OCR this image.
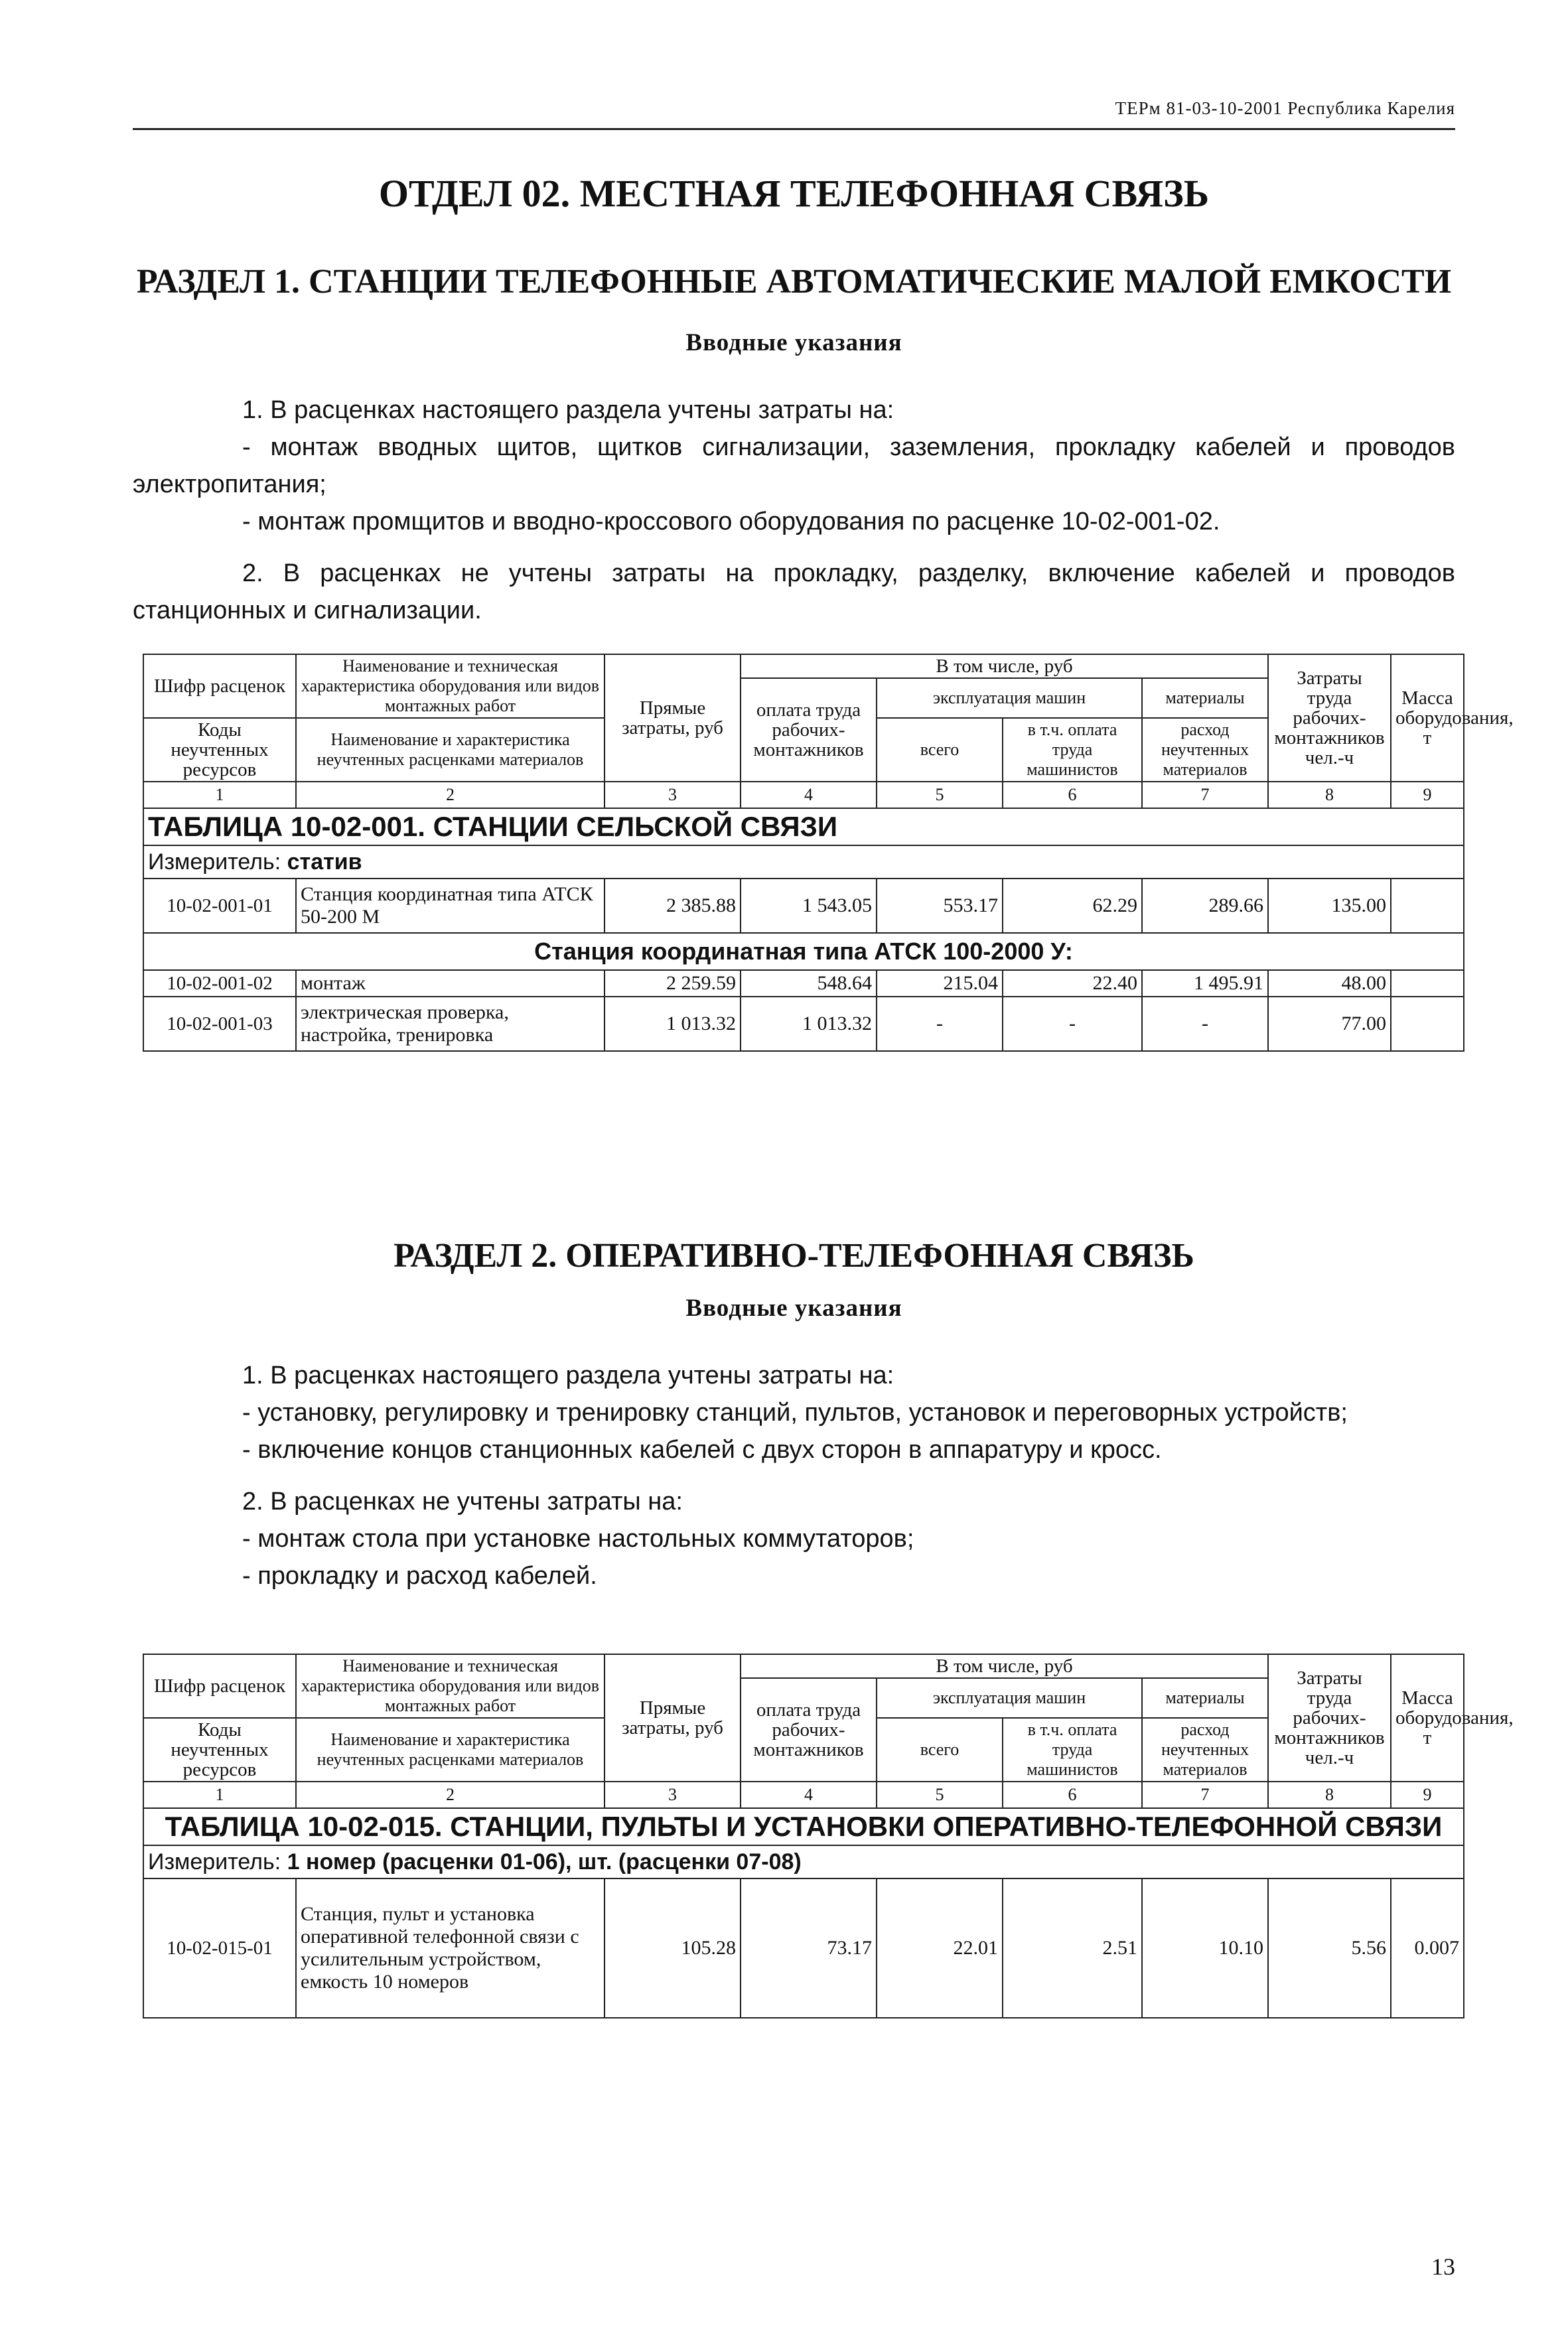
ТЕРм 81-03-10-2001 Республика Карелия
ОТДЕЛ 02. МЕСТНАЯ ТЕЛЕФОННАЯ СВЯЗЬ
РАЗДЕЛ 1. СТАНЦИИ ТЕЛЕФОННЫЕ АВТОМАТИЧЕСКИЕ МАЛОЙ ЕМКОСТИ
Вводные указания

1. В расценках настоящего раздела учтены затраты на:

- монтаж вводных щитов, щитков сигнализации, заземления, прокладку кабелей и проводов электропитания;

- монтаж промщитов и вводно-кроссового оборудования по расценке 10-02-001-02.

2. В расценках не учтены затраты на прокладку, разделку, включение кабелей и проводов станционных и сигнализации.

Шифр расценок	Наименование и техническая характеристика оборудования или видов монтажных работ	Прямые затраты, руб	В том числе, руб				Затраты труда рабочих-монтажников чел.-ч	Масса оборудования, т
			оплата труда рабочих-монтажников	эксплуатация машин		материалы		
Коды неучтенных ресурсов	Наименование и характеристика неучтенных расценками материалов			всего	в т.ч. оплата труда машинистов	расход неучтенных материалов		

1	2	3	4	5	6	7	8	9
ТАБЛИЦА 10-02-001. СТАНЦИИ СЕЛЬСКОЙ СВЯЗИ								
Измеритель: статив								
10-02-001-01	Станция координатная типа АТСК 50-200 М	2 385.88	1 543.05	553.17	62.29	289.66	135.00	
Станция координатная типа АТСК 100-2000 У:								
10-02-001-02	монтаж	2 259.59	548.64	215.04	22.40	1 495.91	48.00	
10-02-001-03	электрическая проверка, настройка, тренировка	1 013.32	1 013.32	-	-	-	77.00	
РАЗДЕЛ 2. ОПЕРАТИВНО-ТЕЛЕФОННАЯ СВЯЗЬ
Вводные указания

1. В расценках настоящего раздела учтены затраты на:

- установку, регулировку и тренировку станций, пультов, установок и переговорных устройств;

- включение концов станционных кабелей с двух сторон в аппаратуру и кросс.

2. В расценках не учтены затраты на:

- монтаж стола при установке настольных коммутаторов;

- прокладку и расход кабелей.

Шифр расценок	Наименование и техническая характеристика оборудования или видов монтажных работ	Прямые затраты, руб	В том числе, руб				Затраты труда рабочих-монтажников чел.-ч	Масса оборудования, т
			оплата труда рабочих-монтажников	эксплуатация машин		материалы		
Коды неучтенных ресурсов	Наименование и характеристика неучтенных расценками материалов			всего	в т.ч. оплата труда машинистов	расход неучтенных материалов		

1	2	3	4	5	6	7	8	9
ТАБЛИЦА 10-02-015. СТАНЦИИ, ПУЛЬТЫ И УСТАНОВКИ ОПЕРАТИВНО-ТЕЛЕФОННОЙ СВЯЗИ								
Измеритель: 1 номер (расценки 01-06), шт. (расценки 07-08)								
10-02-015-01	Станция, пульт и установка оперативной телефонной связи с усилительным устройством, емкость 10 номеров	105.28	73.17	22.01	2.51	10.10	5.56	0.007
13
